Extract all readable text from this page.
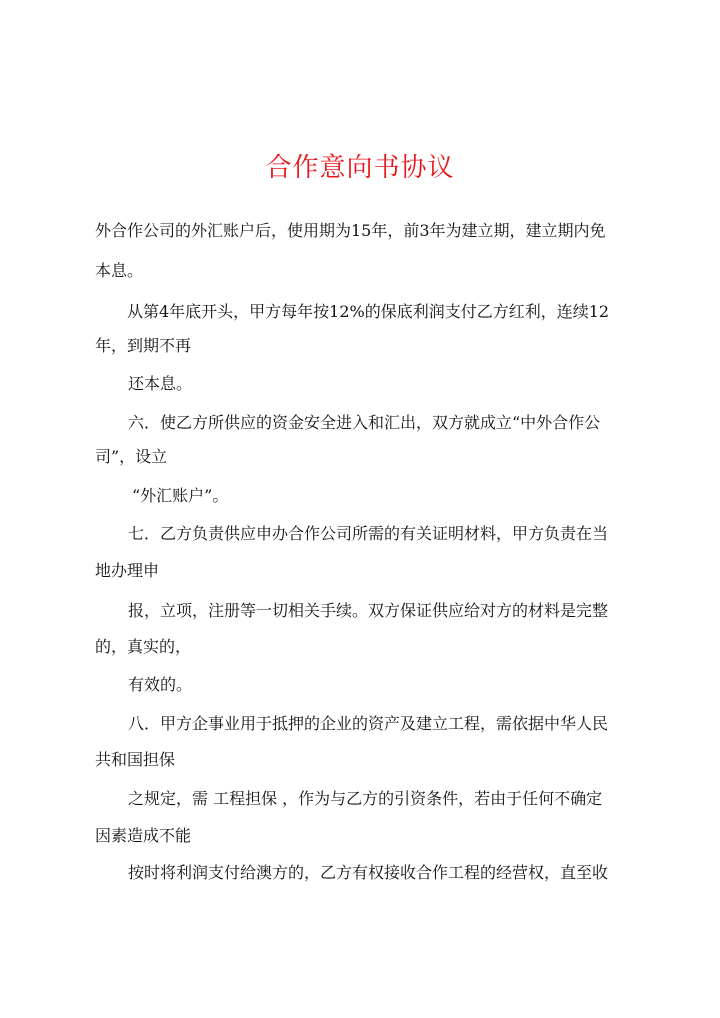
合作意向书协议
外合作公司的外汇账户后，使用期为15年，前3年为建立期，建立期内免
本息。
从第4年底开头，甲方每年按12%的保底利润支付乙方红利，连续12
年，到期不再
还本息。
六．使乙方所供应的资金安全进入和汇出，双方就成立“中外合作公
司”，设立
“外汇账户”。
七．乙方负责供应申办合作公司所需的有关证明材料，甲方负责在当
地办理申
报，立项，注册等一切相关手续。双方保证供应给对方的材料是完整
的，真实的，
有效的。
八．甲方企事业用于抵押的企业的资产及建立工程，需依据中华人民
共和国担保
之规定，需 工程担保 ，作为与乙方的引资条件，若由于任何不确定
因素造成不能
按时将利润支付给澳方的，乙方有权接收合作工程的经营权，直至收
